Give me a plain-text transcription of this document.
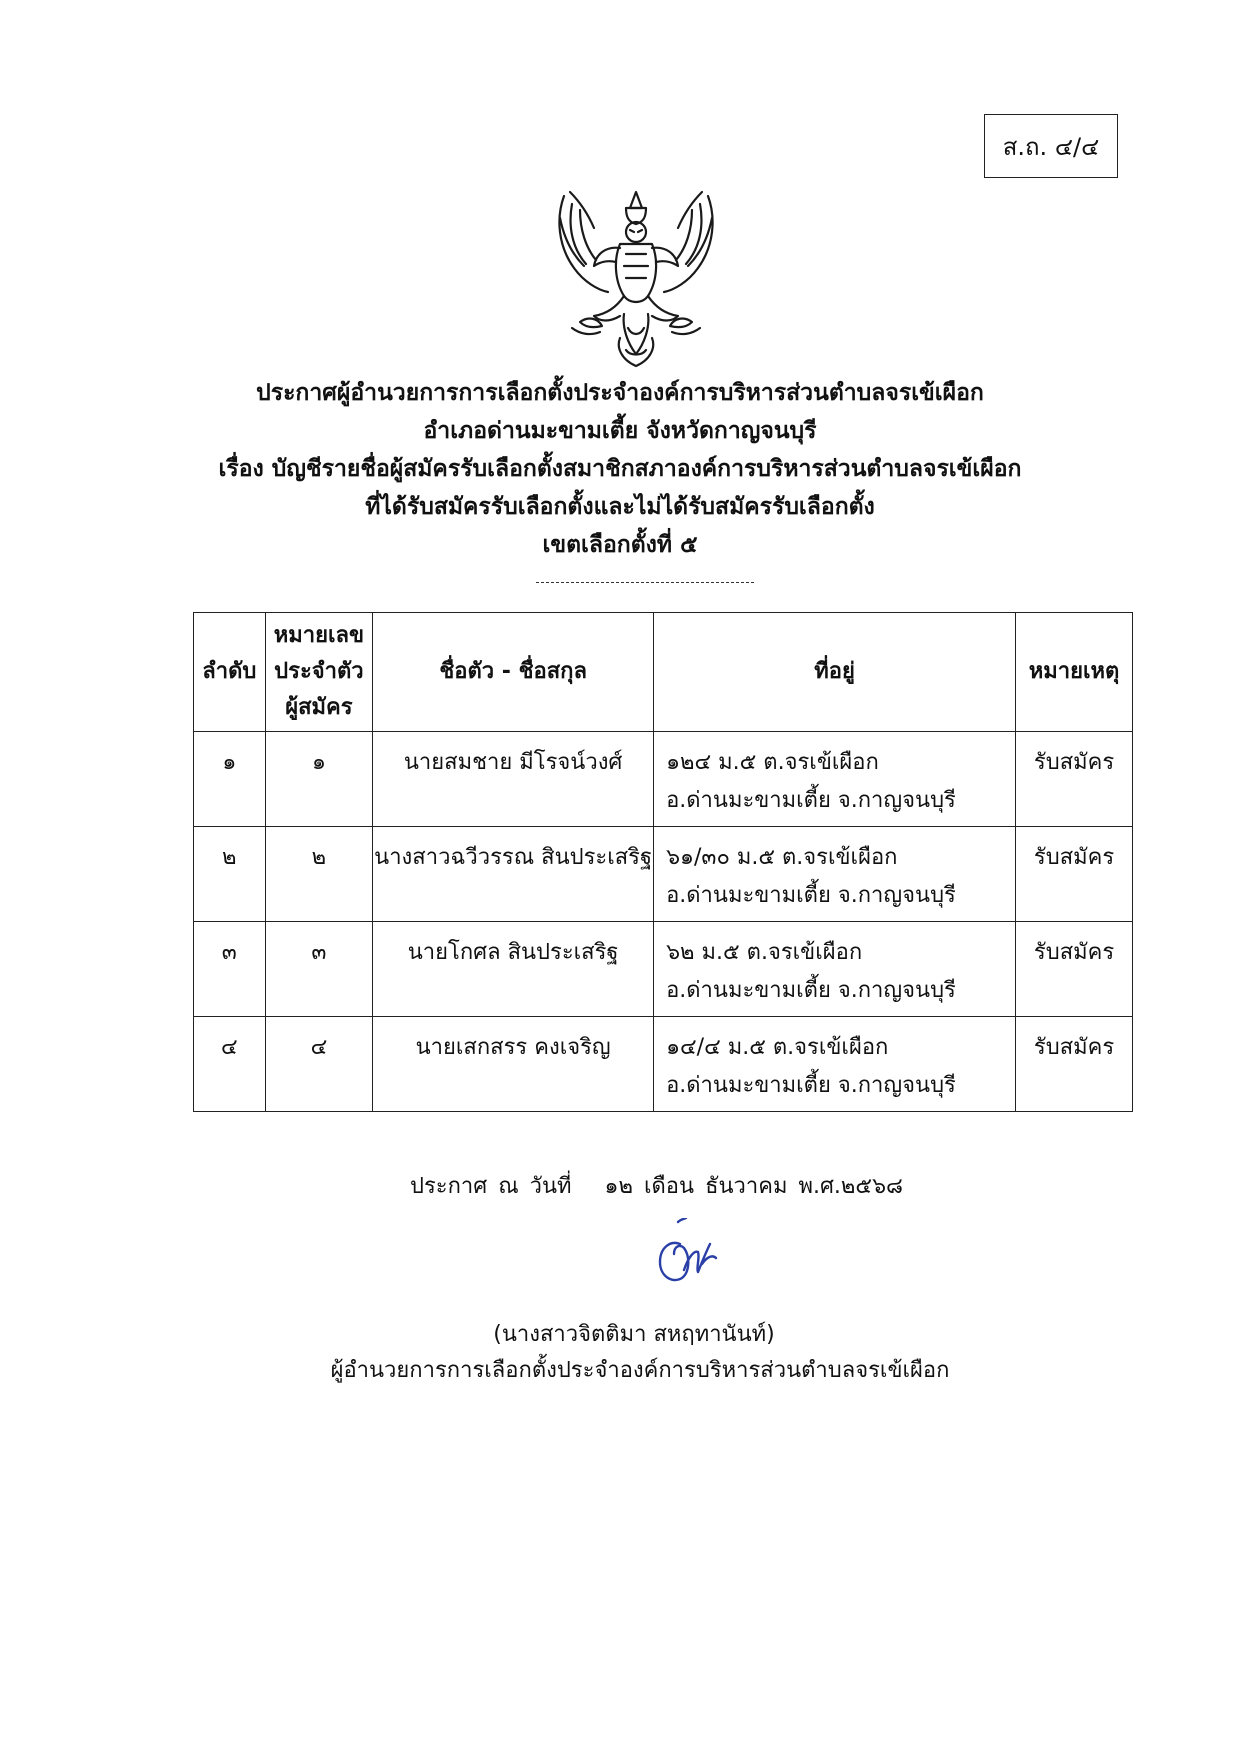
ส.ถ. ๔/๔
ประกาศผู้อำนวยการการเลือกตั้งประจำองค์การบริหารส่วนตำบลจรเข้เผือก
อำเภอด่านมะขามเตี้ย จังหวัดกาญจนบุรี
เรื่อง บัญชีรายชื่อผู้สมัครรับเลือกตั้งสมาชิกสภาองค์การบริหารส่วนตำบลจรเข้เผือก
ที่ได้รับสมัครรับเลือกตั้งและไม่ได้รับสมัครรับเลือกตั้ง
เขตเลือกตั้งที่ ๕
ลำดับ	หมายเลข
ประจำตัว
ผู้สมัคร	ชื่อตัว - ชื่อสกุล	ที่อยู่	หมายเหตุ
๑	๑	นายสมชาย มีโรจน์วงศ์	๑๒๔ ม.๕ ต.จรเข้เผือก
อ.ด่านมะขามเตี้ย จ.กาญจนบุรี	รับสมัคร
๒	๒	นางสาวฉวีวรรณ สินประเสริฐ	๖๑/๓๐ ม.๕ ต.จรเข้เผือก
อ.ด่านมะขามเตี้ย จ.กาญจนบุรี	รับสมัคร
๓	๓	นายโกศล สินประเสริฐ	๖๒ ม.๕ ต.จรเข้เผือก
อ.ด่านมะขามเตี้ย จ.กาญจนบุรี	รับสมัคร
๔	๔	นายเสกสรร คงเจริญ	๑๔/๔ ม.๕ ต.จรเข้เผือก
อ.ด่านมะขามเตี้ย จ.กาญจนบุรี	รับสมัคร
ประกาศ ณ วันที่ ๑๒ เดือน ธันวาคม พ.ศ.๒๕๖๘
(นางสาวจิตติมา สหฤทานันท์)
ผู้อำนวยการการเลือกตั้งประจำองค์การบริหารส่วนตำบลจรเข้เผือก
